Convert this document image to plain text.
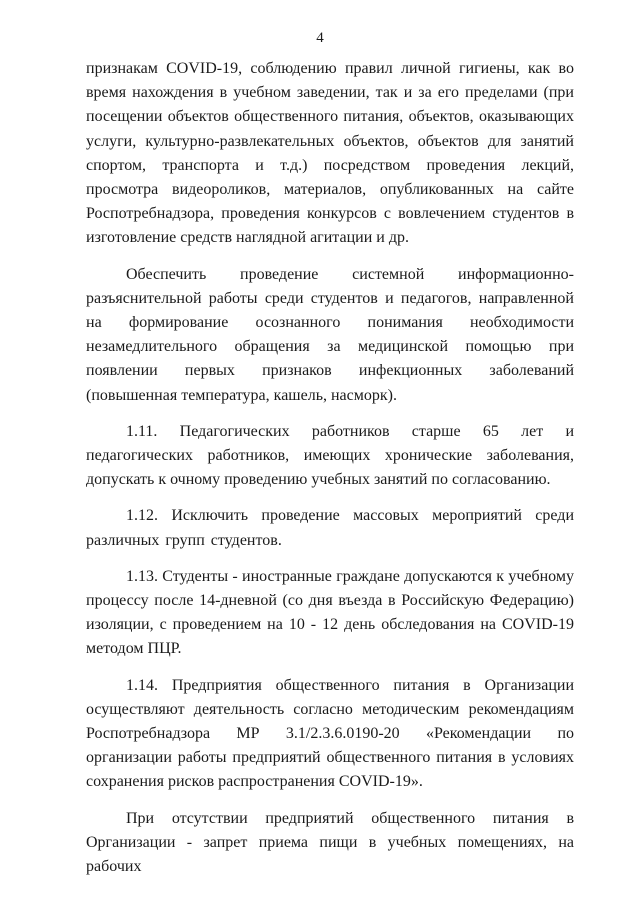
4

признакам COVID-19, соблюдению правил личной гигиены, как во время нахождения в учебном заведении, так и за его пределами (при посещении объектов общественного питания, объектов, оказывающих услуги, культурно-развлекательных объектов, объектов для занятий спортом, транспорта и т.д.) посредством проведения лекций, просмотра видеороликов, материалов, опубликованных на сайте Роспотребнадзора, проведения конкурсов с вовлечением студентов в изготовление средств наглядной агитации и др.

Обеспечить проведение системной информационно-разъяснительной работы среди студентов и педагогов, направленной на формирование осознанного понимания необходимости незамедлительного обращения за медицинской помощью при появлении первых признаков инфекционных заболеваний (повышенная температура, кашель, насморк).

1.11. Педагогических работников старше 65 лет и педагогических работников, имеющих хронические заболевания, допускать к очному проведению учебных занятий по согласованию.

1.12. Исключить проведение массовых мероприятий среди различных групп студентов.

1.13. Студенты - иностранные граждане допускаются к учебному процессу после 14-дневной (со дня въезда в Российскую Федерацию) изоляции, с проведением на 10 - 12 день обследования на COVID-19 методом ПЦР.

1.14. Предприятия общественного питания в Организации осуществляют деятельность согласно методическим рекомендациям Роспотребнадзора МР 3.1/2.3.6.0190-20 «Рекомендации по организации работы предприятий общественного питания в условиях сохранения рисков распространения COVID-19».

При отсутствии предприятий общественного питания в Организации - запрет приема пищи в учебных помещениях, на рабочих
